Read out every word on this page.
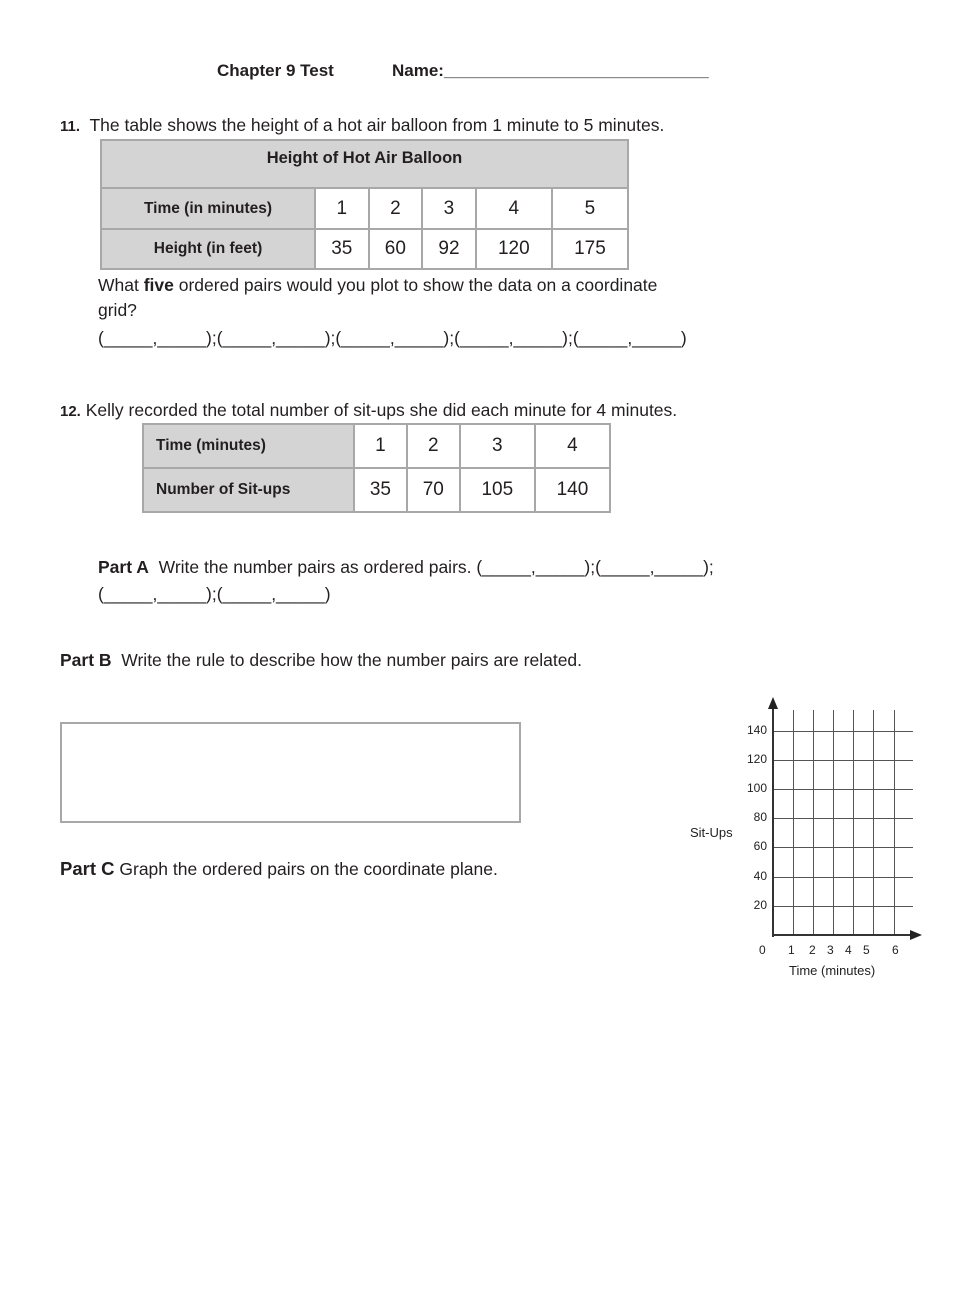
Chapter 9 Test	Name:____________________________
11. The table shows the height of a hot air balloon from 1 minute to 5 minutes.
Height of Hot Air Balloon					
Time (in minutes)	1	2	3	4	5
Height (in feet)	35	60	92	120	175
What five ordered pairs would you plot to show the data on a coordinate
grid?
(_____,_____);(_____,_____);(_____,_____);(_____,_____);(_____,_____)
12. Kelly recorded the total number of sit-ups she did each minute for 4 minutes.
Time (minutes)	1	2	3	4
Number of Sit-ups	35	70	105	140
Part A Write the number pairs as ordered pairs. (_____,_____);(_____,_____);
(_____,_____);(_____,_____)
Part B Write the rule to describe how the number pairs are related.
Part C Graph the ordered pairs on the coordinate plane.
Time (minutes)
Sit-Ups
20
40
60
80
100
120
140
0 1 2 3 4 5 6
